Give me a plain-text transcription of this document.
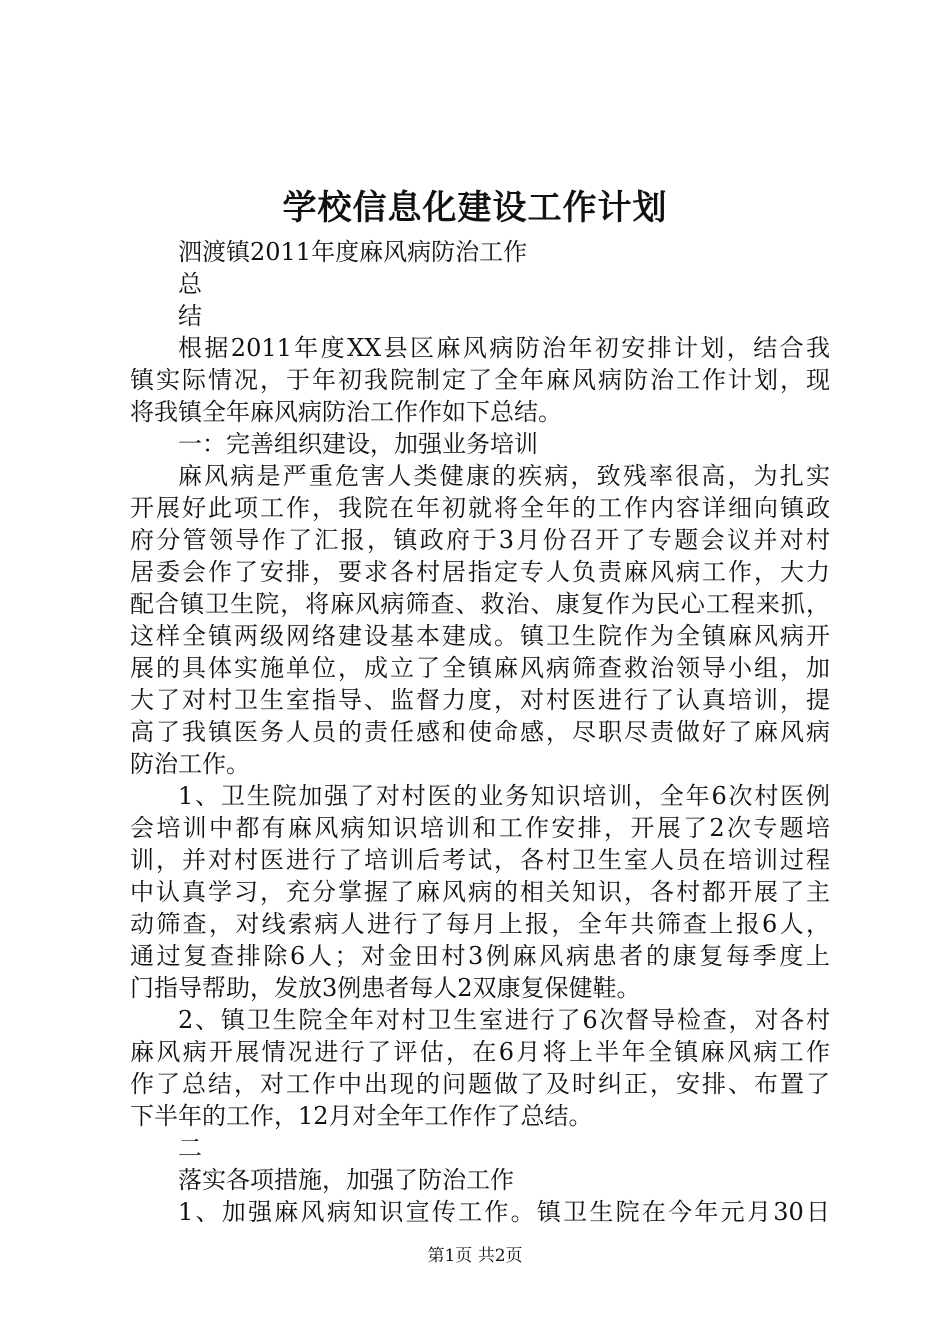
学校信息化建设工作计划

泗渡镇2011年度麻风病防治工作

总

结

根据2011年度XX县区麻风病防治年初安排计划，结合我

镇实际情况，于年初我院制定了全年麻风病防治工作计划，现

将我镇全年麻风病防治工作作如下总结。

一：完善组织建设，加强业务培训

麻风病是严重危害人类健康的疾病，致残率很高，为扎实

开展好此项工作，我院在年初就将全年的工作内容详细向镇政

府分管领导作了汇报，镇政府于3月份召开了专题会议并对村

居委会作了安排，要求各村居指定专人负责麻风病工作，大力

配合镇卫生院，将麻风病筛查、救治、康复作为民心工程来抓，

这样全镇两级网络建设基本建成。镇卫生院作为全镇麻风病开

展的具体实施单位，成立了全镇麻风病筛查救治领导小组，加

大了对村卫生室指导、监督力度，对村医进行了认真培训，提

高了我镇医务人员的责任感和使命感，尽职尽责做好了麻风病

防治工作。

1、卫生院加强了对村医的业务知识培训，全年6次村医例

会培训中都有麻风病知识培训和工作安排，开展了2次专题培

训，并对村医进行了培训后考试，各村卫生室人员在培训过程

中认真学习，充分掌握了麻风病的相关知识，各村都开展了主

动筛查，对线索病人进行了每月上报，全年共筛查上报6人，

通过复查排除6人；对金田村3例麻风病患者的康复每季度上

门指导帮助，发放3例患者每人2双康复保健鞋。

2、镇卫生院全年对村卫生室进行了6次督导检查，对各村

麻风病开展情况进行了评估，在6月将上半年全镇麻风病工作

作了总结，对工作中出现的问题做了及时纠正，安排、布置了

下半年的工作，12月对全年工作作了总结。

二

落实各项措施，加强了防治工作

1、加强麻风病知识宣传工作。镇卫生院在今年元月30日

第1页 共2页
